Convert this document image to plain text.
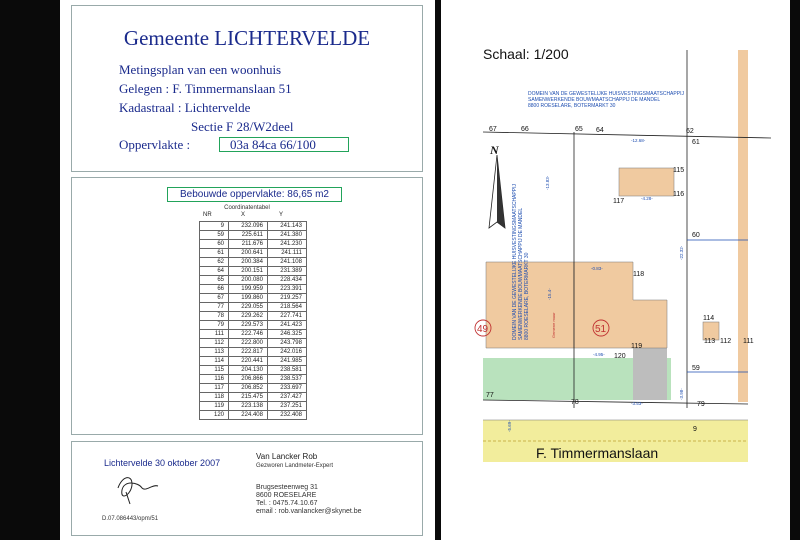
Gemeente LICHTERVELDE
Metingsplan van een woonhuis
Gelegen : F. Timmermanslaan 51
Kadastraal : Lichtervelde
Sectie F 28/W2deel
Oppervlakte :	03a 84ca 66/100
Bebouwde oppervlakte: 86,65 m2
Coordinatentabel
NR	X	Y
9	232.096	241.143
59	225.611	241.380
60	211.676	241.230
61	200.641	241.111
62	200.384	241.108
64	200.151	231.389
65	200.080	228.434
66	199.959	223.391
67	199.860	219.257
77	229.055	218.564
78	229.262	227.741
79	229.573	241.423
111	222.746	246.325
112	222.800	243.798
113	222.817	242.016
114	220.441	241.985
115	204.130	238.581
116	206.866	238.537
117	206.852	233.697
118	215.475	237.427
119	223.138	237.251
120	224.408	232.408
Lichtervelde 30 oktober 2007
Van Lancker Rob
Gezworen Landmeter-Expert
Brugsesteenweg 31
8600 ROESELARE
Tel. : 0475.74.10.67
email : rob.vanlancker@skynet.be
D.07.086443/opm/51
Schaal: 1/200
F. Timmermanslaan
N
DOMEIN VAN DE GEWESTELIJKE HUISVESTINGSMAATSCHAPPIJ SAMENWERKENDE BOUWMAATSCHAPPIJ DE MANDEL 8800 ROESELARE, BOTERMARKT 30
DOMEIN VAN DE GEWESTELIJKE HUISVESTINGSMAATSCHAPPIJ SAMENWERKENDE BOUWMAATSCHAPPIJ DE MANDEL 8800 ROESELARE, BOTERMARKT 30	Gemene muur
49	51
67	66	65 64	62
61
60
59
77
78	79
115
116
117
118
119
120
114
113 112 111
9
-12.68-
-13.83-
-15.4-
-22.32-
-3.98-
-4.95-
-4.28-
-3.53-
-5.69-
-0.83-
